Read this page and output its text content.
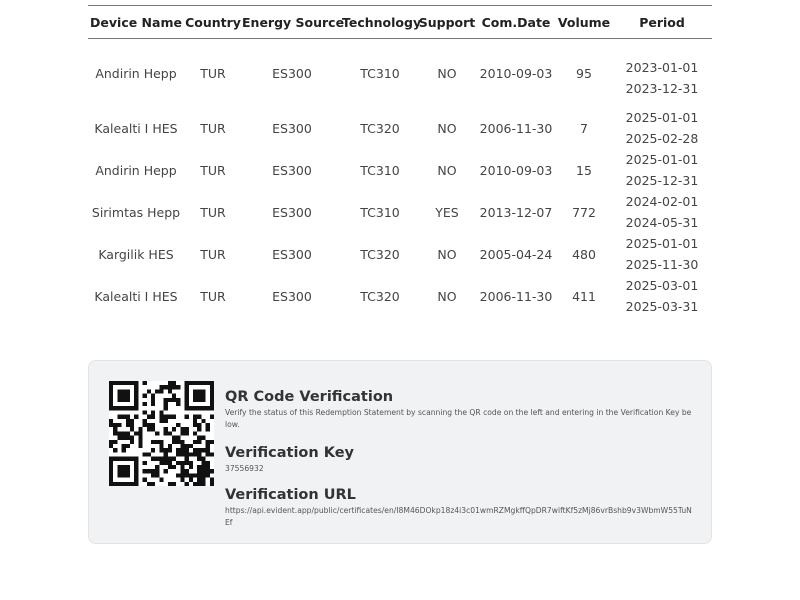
Device Name	Country	Energy Source	Technology	Support	Com.Date	Volume	Period
Andirin Hepp	TUR	ES300	TC310	NO	2010-09-03	95	2023-01-01
2023-12-31

Kalealti I HES	TUR	ES300	TC320	NO	2006-11-30	7	2025-01-01
2025-02-28

Andirin Hepp	TUR	ES300	TC310	NO	2010-09-03	15	2025-01-01
2025-12-31

Sirimtas Hepp	TUR	ES300	TC310	YES	2013-12-07	772	2024-02-01
2024-05-31

Kargilik HES	TUR	ES300	TC320	NO	2005-04-24	480	2025-01-01
2025-11-30

Kalealti I HES	TUR	ES300	TC320	NO	2006-11-30	411	2025-03-01
2025-03-31

QR Code Verification

Verify the status of this Redemption Statement by scanning the QR code on the left and entering in the Verification Key below.

Verification Key

37556932

Verification URL

https://api.evident.app/public/certificates/en/I8M46DOkp18z4i3c01wmRZMgkffQpDR7wiftKf5zMj86vrBshb9v3WbmW55TuNEf
